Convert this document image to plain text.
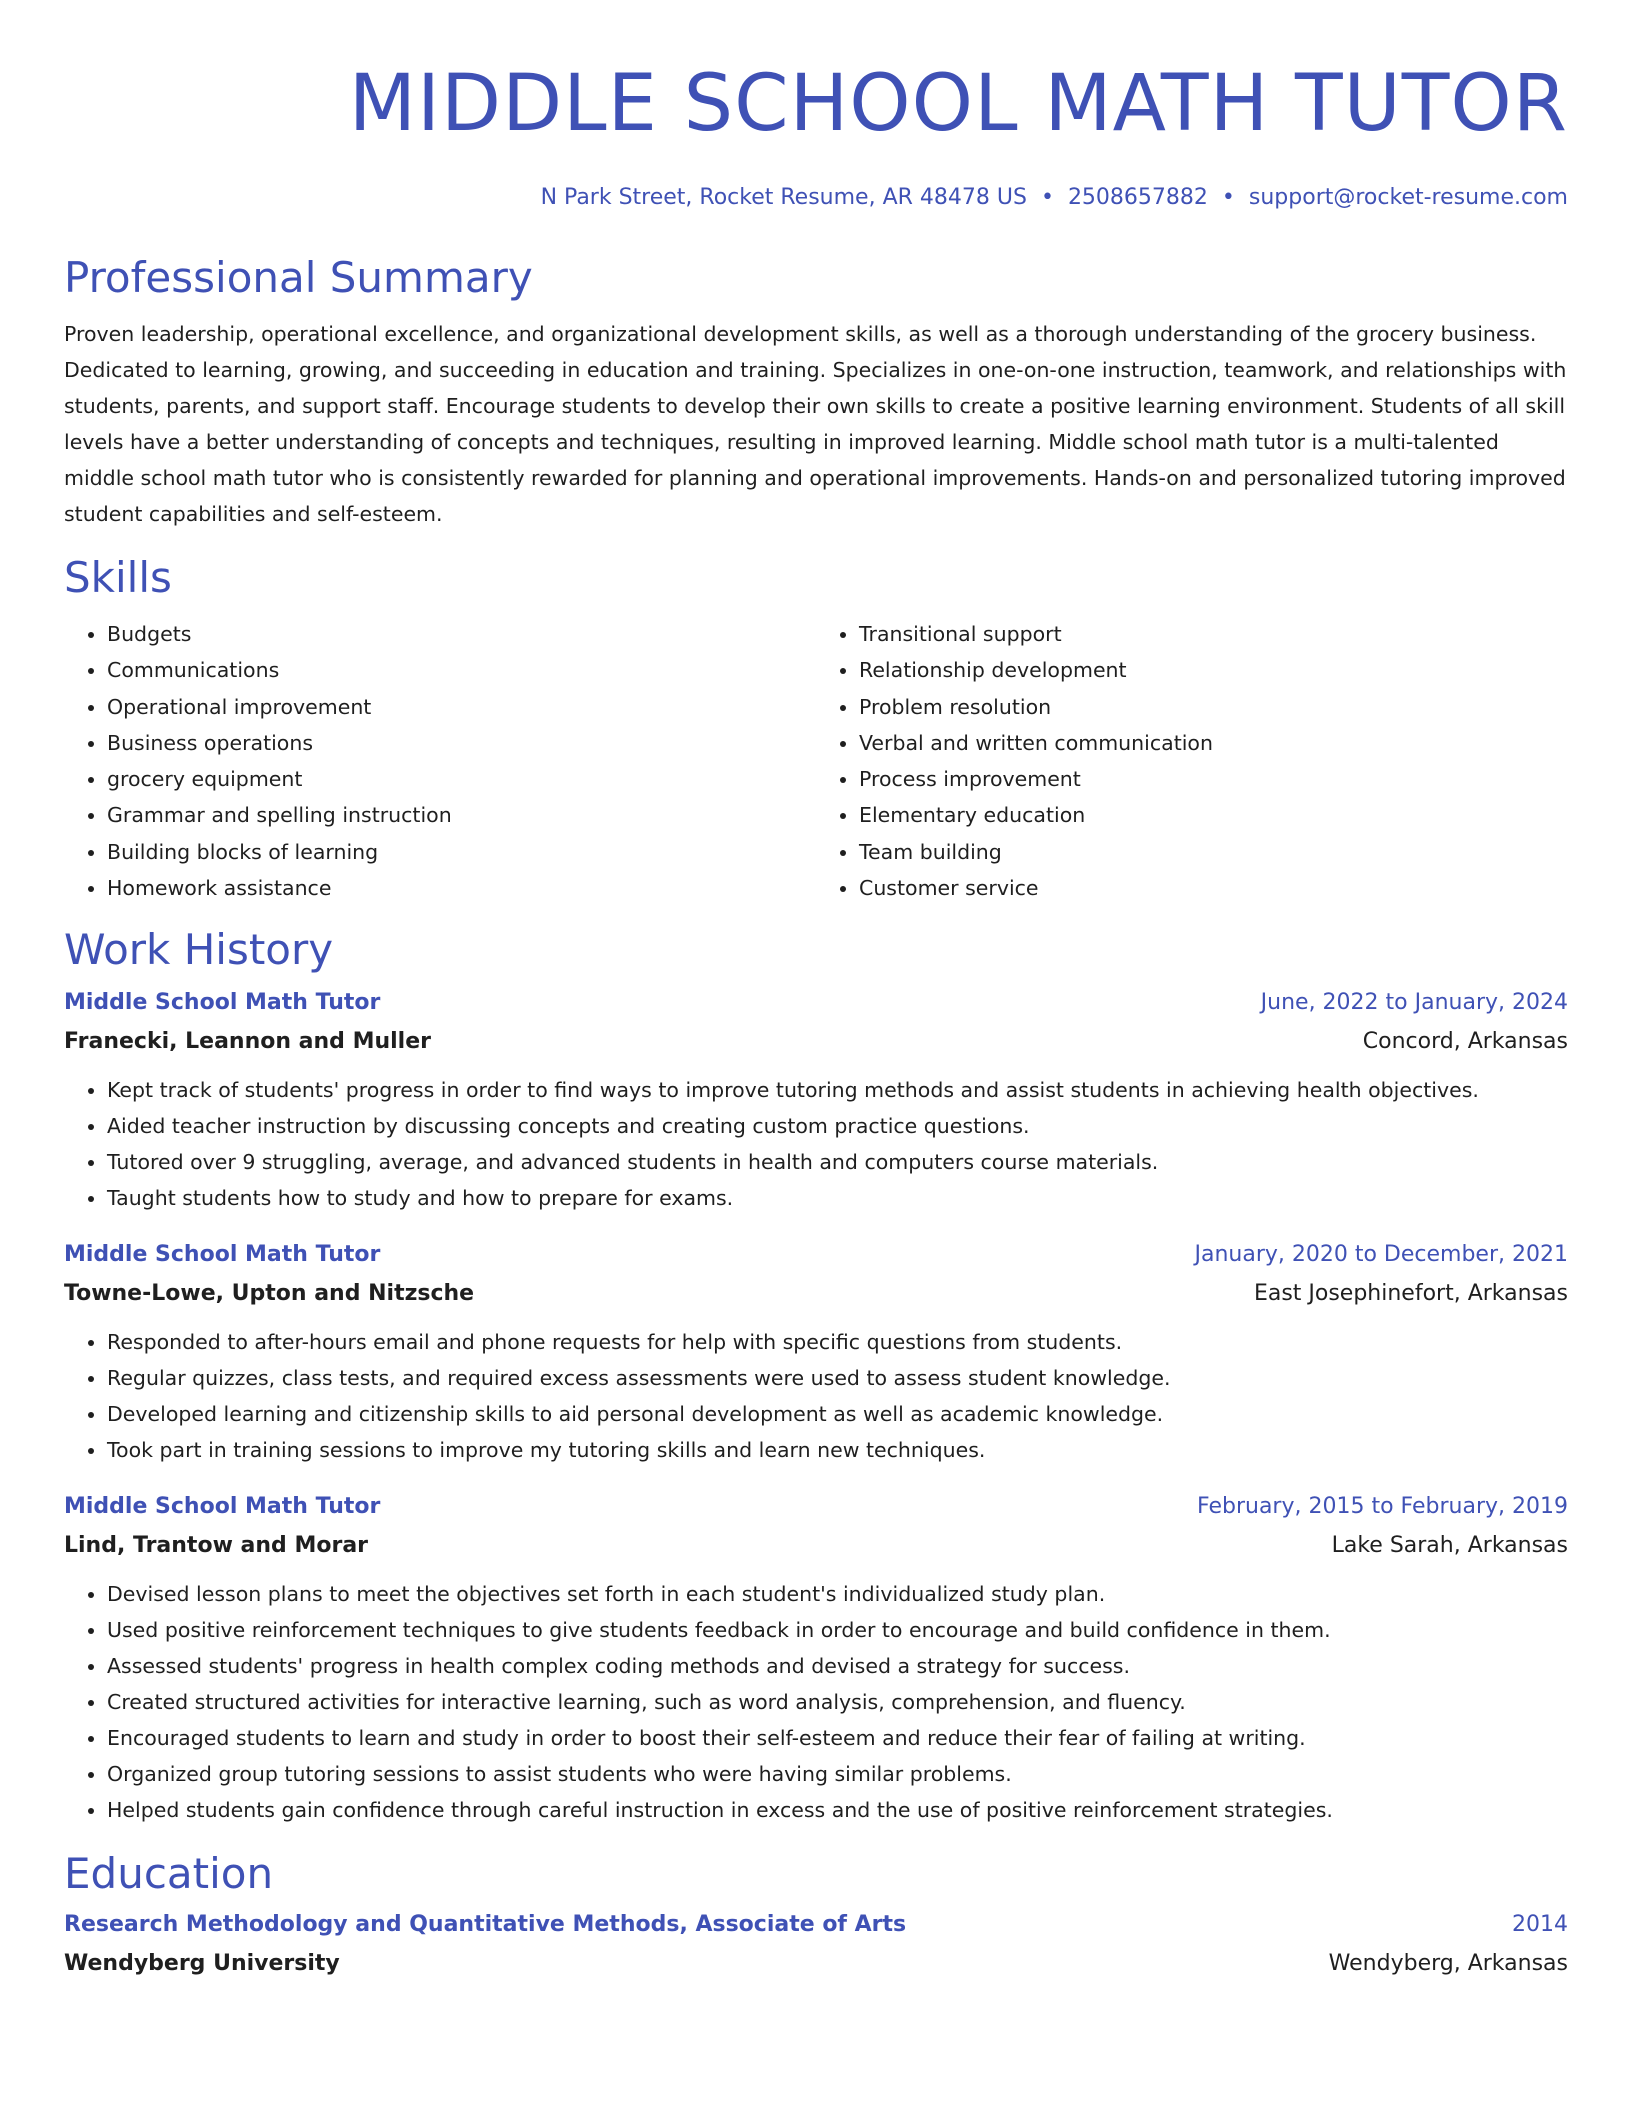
MIDDLE SCHOOL MATH TUTOR
N Park Street, Rocket Resume, AR 48478 US • 2508657882 • support@rocket-resume.com
Professional Summary

Proven leadership, operational excellence, and organizational development skills, as well as a thorough understanding of the grocery business. Dedicated to learning, growing, and succeeding in education and training. Specializes in one-on-one instruction, teamwork, and relationships with students, parents, and support staff. Encourage students to develop their own skills to create a positive learning environment. Students of all skill levels have a better understanding of concepts and techniques, resulting in improved learning. Middle school math tutor is a multi-talented middle school math tutor who is consistently rewarded for planning and operational improvements. Hands-on and personalized tutoring improved student capabilities and self-esteem.

Skills
• Budgets
• Communications
• Operational improvement
• Business operations
• grocery equipment
• Grammar and spelling instruction
• Building blocks of learning
• Homework assistance
• Transitional support
• Relationship development
• Problem resolution
• Verbal and written communication
• Process improvement
• Elementary education
• Team building
• Customer service
Work History
Middle School Math Tutor	June, 2022 to January, 2024
Franecki, Leannon and Muller	Concord, Arkansas
• Kept track of students' progress in order to find ways to improve tutoring methods and assist students in achieving health objectives.
• Aided teacher instruction by discussing concepts and creating custom practice questions.
• Tutored over 9 struggling, average, and advanced students in health and computers course materials.
• Taught students how to study and how to prepare for exams.
Middle School Math Tutor	January, 2020 to December, 2021
Towne-Lowe, Upton and Nitzsche	East Josephinefort, Arkansas
• Responded to after-hours email and phone requests for help with specific questions from students.
• Regular quizzes, class tests, and required excess assessments were used to assess student knowledge.
• Developed learning and citizenship skills to aid personal development as well as academic knowledge.
• Took part in training sessions to improve my tutoring skills and learn new techniques.
Middle School Math Tutor	February, 2015 to February, 2019
Lind, Trantow and Morar	Lake Sarah, Arkansas
• Devised lesson plans to meet the objectives set forth in each student's individualized study plan.
• Used positive reinforcement techniques to give students feedback in order to encourage and build confidence in them.
• Assessed students' progress in health complex coding methods and devised a strategy for success.
• Created structured activities for interactive learning, such as word analysis, comprehension, and fluency.
• Encouraged students to learn and study in order to boost their self-esteem and reduce their fear of failing at writing.
• Organized group tutoring sessions to assist students who were having similar problems.
• Helped students gain confidence through careful instruction in excess and the use of positive reinforcement strategies.
Education
Research Methodology and Quantitative Methods, Associate of Arts	2014
Wendyberg University	Wendyberg, Arkansas
